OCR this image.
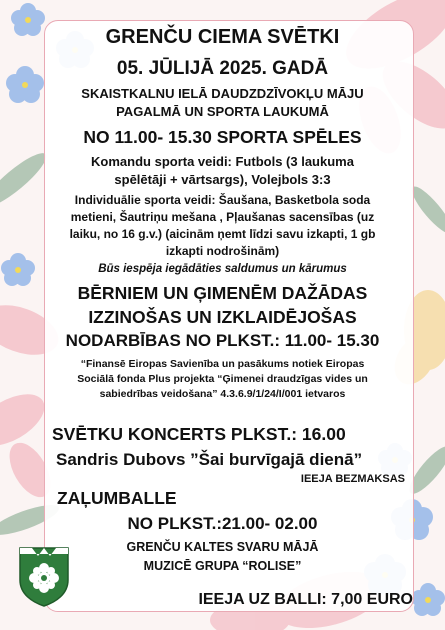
GRENČU CIEMA SVĒTKI
05. JŪLIJĀ 2025. GADĀ
SKAISTKALNU IELĀ DAUDZDZĪVOKĻU MĀJU
PAGALMĀ UN SPORTA LAUKUMĀ
NO 11.00- 15.30 SPORTA SPĒLES
Komandu sporta veidi: Futbols (3 laukuma
spēlētāji + vārtsargs), Volejbols 3:3
Individuālie sporta veidi: Šaušana, Basketbola soda
metieni, Šautriņu mešana , Pļaušanas sacensības (uz
laiku, no 16 g.v.) (aicinām ņemt līdzi savu izkapti, 1 gb
izkapti nodrošinām)
Būs iespēja iegādāties saldumus un kārumus
BĒRNIEM UN ĢIMENĒM DAŽĀDAS
IZZINOŠAS UN IZKLAIDĒJOŠAS
NODARBĪBAS NO PLKST.: 11.00- 15.30
“Finansē Eiropas Savienība un pasākums notiek Eiropas
Sociālā fonda Plus projekta “Ģimenei draudzīgas vides un
sabiedrības veidošana” 4.3.6.9/1/24/I/001 ietvaros
SVĒTKU KONCERTS PLKST.: 16.00
Sandris Dubovs ”Šai burvīgajā dienā”
IEEJA BEZMAKSAS
ZAĻUMBALLE
NO PLKST.:21.00- 02.00
GRENČU KALTES SVARU MĀJĀ
MUZICĒ GRUPA “ROLISE”
IEEJA UZ BALLI: 7,00 EURO
